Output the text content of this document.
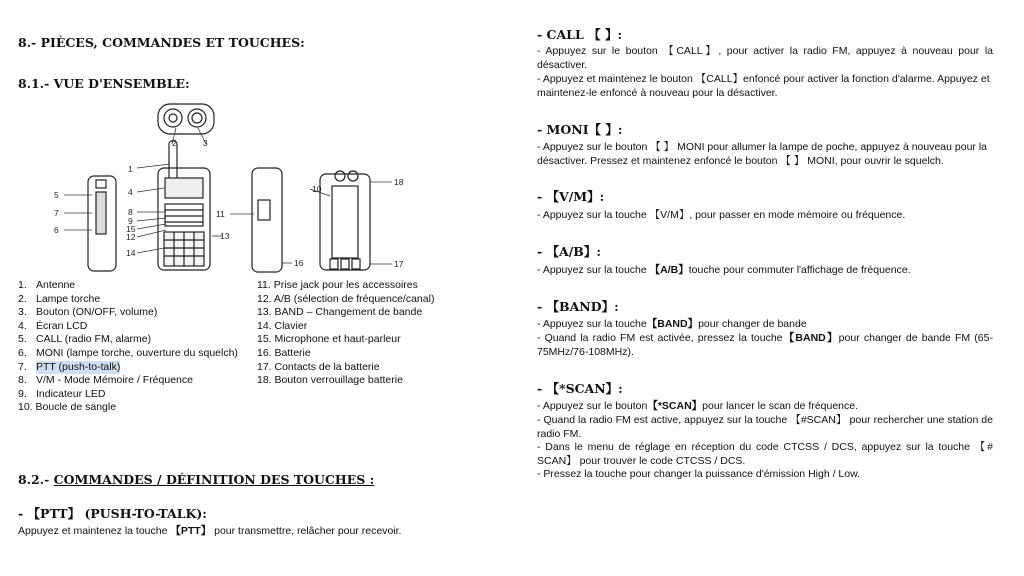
8.- PIÈCES, COMMANDES ET TOUCHES:
8.1.- VUE D'ENSEMBLE:
1
2	3
4
5
6
7	8
9
10
11
12	13
14
15
16	17
18
1. Antenne
2. Lampe torche
3. Bouton (ON/OFF, volume)
4. Écran LCD
5. CALL (radio FM, alarme)
6. MONI (lampe torche, ouverture du squelch)
7. PTT (push-to-talk)
8. V/M - Mode Mémoire / Fréquence
9. Indicateur LED
10. Boucle de sangle
11. Prise jack pour les accessoires
12. A/B (sélection de fréquence/canal)
13. BAND – Changement de bande
14. Clavier
15. Microphone et haut-parleur
16. Batterie
17. Contacts de la batterie
18. Bouton verrouillage batterie
8.2.- COMMANDES / DÉFINITION DES TOUCHES :
- 【PTT】 (PUSH-TO-TALK):
Appuyez et maintenez la touche 【PTT】 pour transmettre, relâcher pour recevoir.
- CALL 【 】:

- Appuyez sur le bouton 【CALL】, pour activer la radio FM, appuyez à nouveau pour la désactiver.

- Appuyez et maintenez le bouton 【CALL】enfoncé pour activer la fonction d'alarme. Appuyez et maintenez-le enfoncé à nouveau pour la désactiver.

- MONI【 】:

- Appuyez sur le bouton 【 】 MONI pour allumer la lampe de poche, appuyez à nouveau pour la désactiver. Pressez et maintenez enfoncé le bouton 【 】 MONI, pour ouvrir le squelch.

- 【V/M】:

- Appuyez sur la touche 【V/M】, pour passer en mode mémoire ou fréquence.

- 【A/B】:

- Appuyez sur la touche 【A/B】touche pour commuter l'affichage de fréquence.

- 【BAND】:

- Appuyez sur la touche【BAND】pour changer de bande

- Quand la radio FM est activée, pressez la touche【BAND】pour changer de bande FM (65-75MHz/76-108MHz).

- 【*SCAN】:

- Appuyez sur le bouton【*SCAN】pour lancer le scan de fréquence.

- Quand la radio FM est active, appuyez sur la touche 【#SCAN】 pour rechercher une station de radio FM.

- Dans le menu de réglage en réception du code CTCSS / DCS, appuyez sur la touche 【# SCAN】 pour trouver le code CTCSS / DCS.

- Pressez la touche pour changer la puissance d'émission High / Low.
